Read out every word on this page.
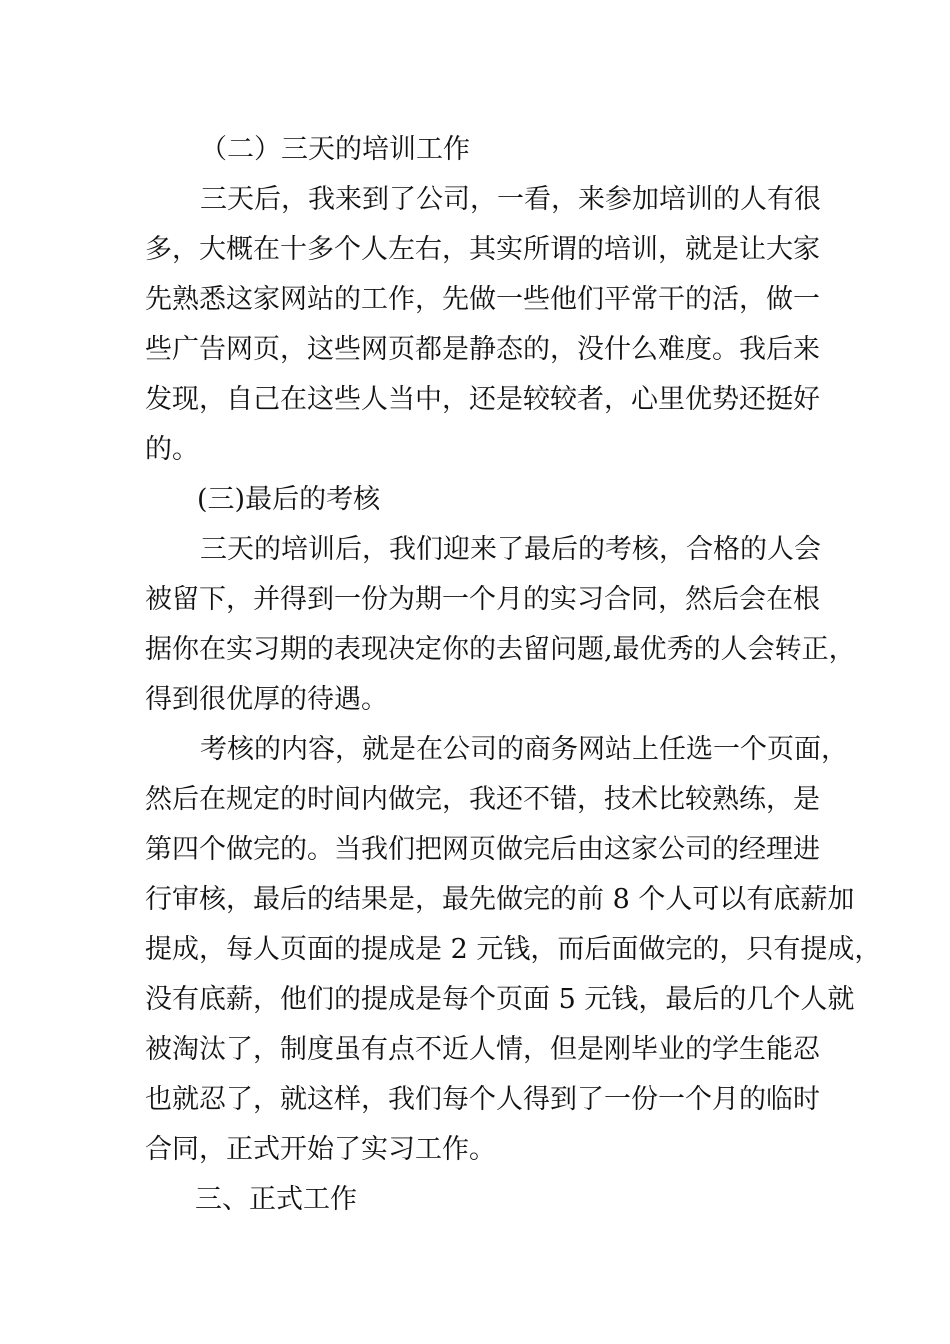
（二）三天的培训工作
三天后，我来到了公司，一看，来参加培训的人有很
多，大概在十多个人左右，其实所谓的培训，就是让大家
先熟悉这家网站的工作，先做一些他们平常干的活，做一
些广告网页，这些网页都是静态的，没什么难度。我后来
发现，自己在这些人当中，还是较较者，心里优势还挺好
的。
(三)最后的考核
三天的培训后，我们迎来了最后的考核，合格的人会
被留下，并得到一份为期一个月的实习合同，然后会在根
据你在实习期的表现决定你的去留问题,最优秀的人会转正，
得到很优厚的待遇。
考核的内容，就是在公司的商务网站上任选一个页面，
然后在规定的时间内做完，我还不错，技术比较熟练，是
第四个做完的。当我们把网页做完后由这家公司的经理进
行审核，最后的结果是，最先做完的前 8 个人可以有底薪加
提成，每人页面的提成是 2 元钱，而后面做完的，只有提成，
没有底薪，他们的提成是每个页面 5 元钱，最后的几个人就
被淘汰了，制度虽有点不近人情，但是刚毕业的学生能忍
也就忍了，就这样，我们每个人得到了一份一个月的临时
合同，正式开始了实习工作。
三、正式工作
